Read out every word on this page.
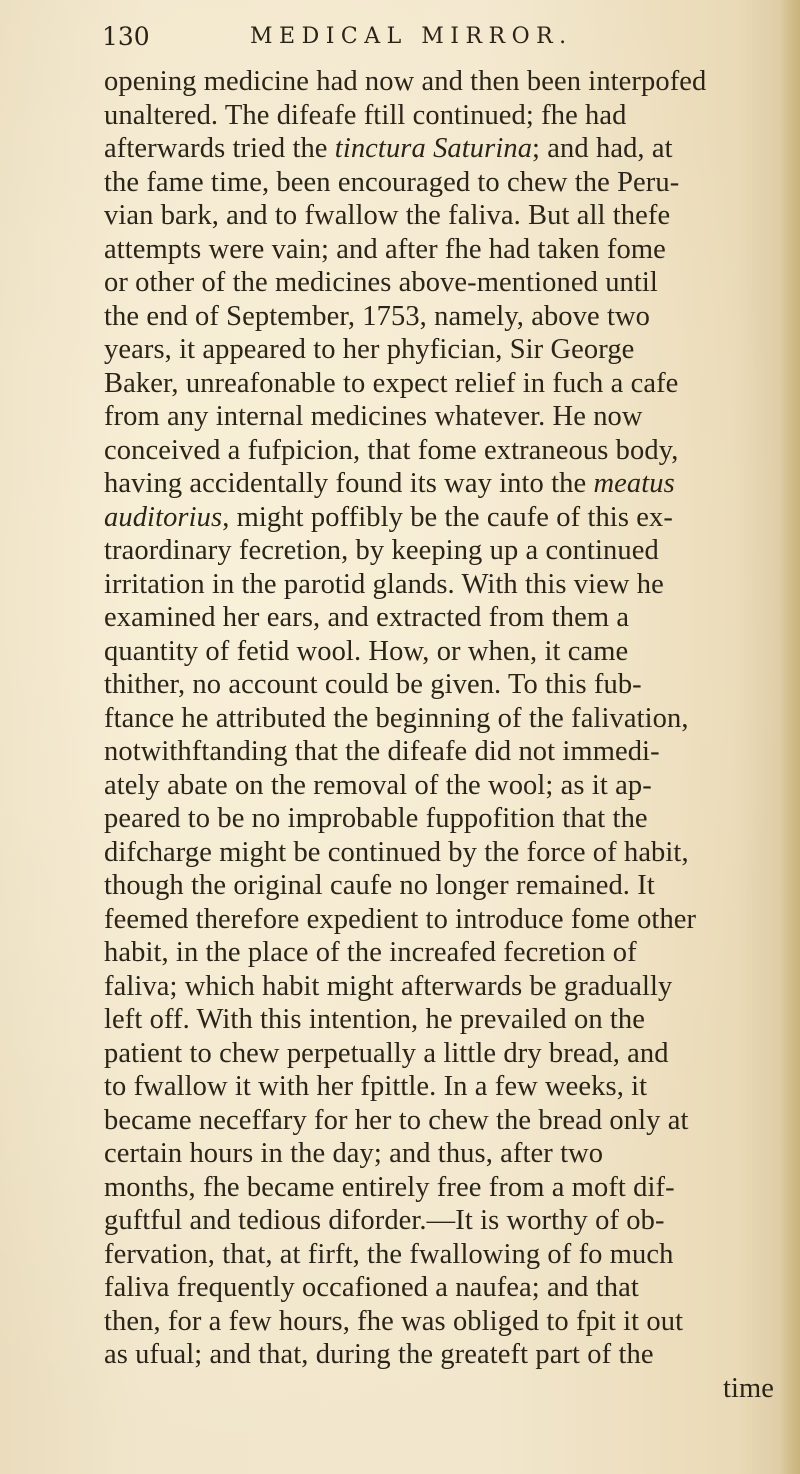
130	MEDICAL MIRROR.
opening medicine had now and then been interpofed
unaltered. The difeafe ftill continued; fhe had
afterwards tried the tinctura Saturina; and had, at
the fame time, been encouraged to chew the Peru-
vian bark, and to fwallow the faliva. But all thefe
attempts were vain; and after fhe had taken fome
or other of the medicines above-mentioned until
the end of September, 1753, namely, above two
years, it appeared to her phyfician, Sir George
Baker, unreafonable to expect relief in fuch a cafe
from any internal medicines whatever. He now
conceived a fufpicion, that fome extraneous body,
having accidentally found its way into the meatus
auditorius, might poffibly be the caufe of this ex-
traordinary fecretion, by keeping up a continued
irritation in the parotid glands. With this view he
examined her ears, and extracted from them a
quantity of fetid wool. How, or when, it came
thither, no account could be given. To this fub-
ftance he attributed the beginning of the falivation,
notwithftanding that the difeafe did not immedi-
ately abate on the removal of the wool; as it ap-
peared to be no improbable fuppofition that the
difcharge might be continued by the force of habit,
though the original caufe no longer remained. It
feemed therefore expedient to introduce fome other
habit, in the place of the increafed fecretion of
faliva; which habit might afterwards be gradually
left off. With this intention, he prevailed on the
patient to chew perpetually a little dry bread, and
to fwallow it with her fpittle. In a few weeks, it
became neceffary for her to chew the bread only at
certain hours in the day; and thus, after two
months, fhe became entirely free from a moft dif-
guftful and tedious diforder.—It is worthy of ob-
fervation, that, at firft, the fwallowing of fo much
faliva frequently occafioned a naufea; and that
then, for a few hours, fhe was obliged to fpit it out
as ufual; and that, during the greateft part of the
time
